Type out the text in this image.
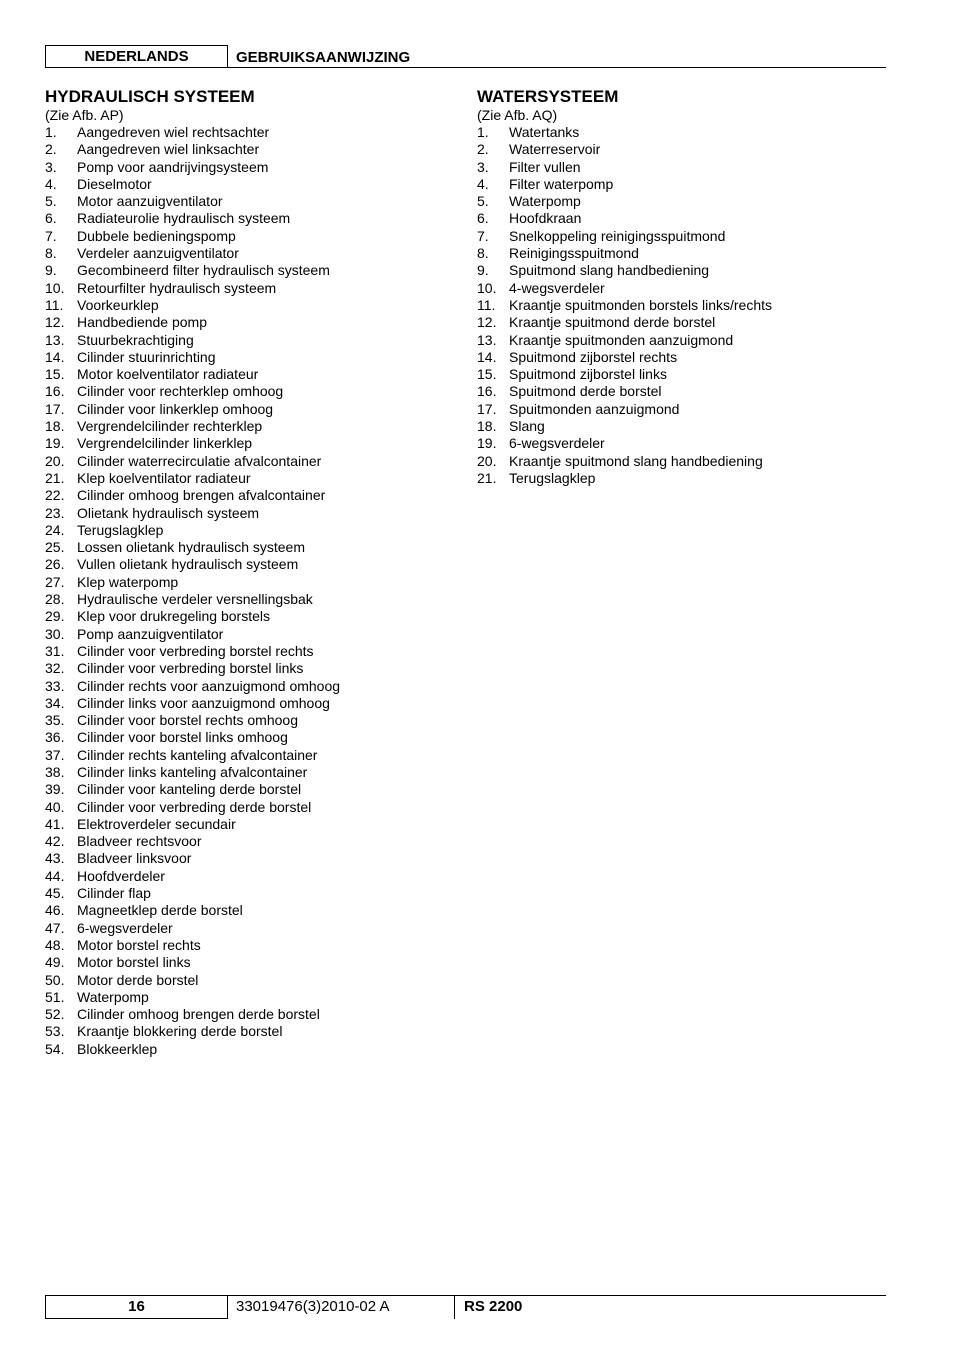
NEDERLANDS	GEBRUIKSAANWIJZING
HYDRAULISCH SYSTEEM
(Zie Afb. AP)
1.	Aangedreven wiel rechtsachter
2.	Aangedreven wiel linksachter
3.	Pomp voor aandrijvingsysteem
4.	Dieselmotor
5.	Motor aanzuigventilator
6.	Radiateurolie hydraulisch systeem
7.	Dubbele bedieningspomp
8.	Verdeler aanzuigventilator
9.	Gecombineerd filter hydraulisch systeem
10. Retourfilter hydraulisch systeem
11. Voorkeurklep
12. Handbediende pomp
13. Stuurbekrachtiging
14. Cilinder stuurinrichting
15. Motor koelventilator radiateur
16. Cilinder voor rechterklep omhoog
17. Cilinder voor linkerklep omhoog
18. Vergrendelcilinder rechterklep
19. Vergrendelcilinder linkerklep
20. Cilinder waterrecirculatie afvalcontainer
21. Klep koelventilator radiateur
22. Cilinder omhoog brengen afvalcontainer
23. Olietank hydraulisch systeem
24. Terugslagklep
25. Lossen olietank hydraulisch systeem
26. Vullen olietank hydraulisch systeem
27. Klep waterpomp
28. Hydraulische verdeler versnellingsbak
29. Klep voor drukregeling borstels
30. Pomp aanzuigventilator
31. Cilinder voor verbreding borstel rechts
32. Cilinder voor verbreding borstel links
33. Cilinder rechts voor aanzuigmond omhoog
34. Cilinder links voor aanzuigmond omhoog
35. Cilinder voor borstel rechts omhoog
36. Cilinder voor borstel links omhoog
37. Cilinder rechts kanteling afvalcontainer
38. Cilinder links kanteling afvalcontainer
39. Cilinder voor kanteling derde borstel
40. Cilinder voor verbreding derde borstel
41. Elektroverdeler secundair
42. Bladveer rechtsvoor
43. Bladveer linksvoor
44. Hoofdverdeler
45. Cilinder flap
46. Magneetklep derde borstel
47. 6-wegsverdeler
48. Motor borstel rechts
49. Motor borstel links
50. Motor derde borstel
51. Waterpomp
52. Cilinder omhoog brengen derde borstel
53. Kraantje blokkering derde borstel
54. Blokkeerklep
WATERSYSTEEM
(Zie Afb. AQ)
1.	Watertanks
2.	Waterreservoir
3.	Filter vullen
4.	Filter waterpomp
5.	Waterpomp
6.	Hoofdkraan
7.	Snelkoppeling reinigingsspuitmond
8.	Reinigingsspuitmond
9.	Spuitmond slang handbediening
10. 4-wegsverdeler
11. Kraantje spuitmonden borstels links/rechts
12. Kraantje spuitmond derde borstel
13. Kraantje spuitmonden aanzuigmond
14. Spuitmond zijborstel rechts
15. Spuitmond zijborstel links
16. Spuitmond derde borstel
17. Spuitmonden aanzuigmond
18. Slang
19. 6-wegsverdeler
20. Kraantje spuitmond slang handbediening
21. Terugslagklep
16	33019476(3)2010-02 A	RS 2200
